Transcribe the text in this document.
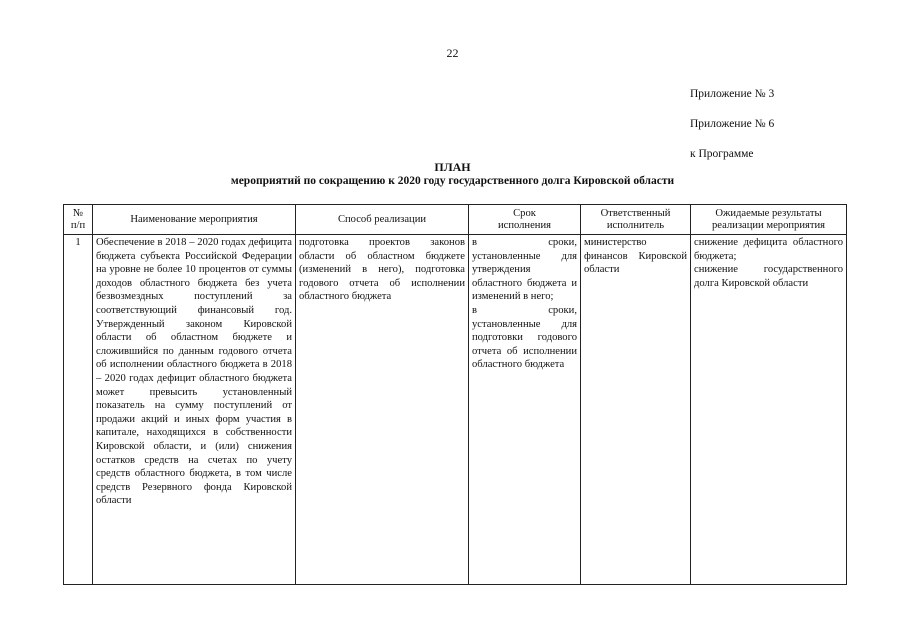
22
Приложение № 3
Приложение № 6
к Программе
ПЛАН
мероприятий по сокращению к 2020 году государственного долга Кировской области
№
п/п	Наименование мероприятия	Способ реализации	Срок
исполнения	Ответственный
исполнитель	Ожидаемые результаты
реализации мероприятия
1	Обеспечение в 2018 – 2020 годах дефицита бюджета субъекта Российской Федерации на уровне не более 10 процентов от суммы доходов областного бюджета без учета безвозмездных поступлений за соответствующий финансовый год. Утвержденный законом Кировской области об областном бюджете и сложившийся по данным годового отчета об исполнении областного бюджета в 2018 – 2020 годах дефицит областного бюджета может превысить установленный показатель на сумму поступлений от продажи акций и иных форм участия в капитале, находящихся в собственности Кировской области, и (или) снижения остатков средств на счетах по учету средств областного бюджета, в том числе средств Резервного фонда Кировской области	подготовка проектов законов области об областном бюджете (изменений в него), подготовка годового отчета об исполнении областного бюджета	в сроки, установленные для утверждения областного бюджета и изменений в него;
в сроки, установленные для подготовки годового отчета об исполнении областного бюджета	министерство финансов Кировской области	снижение дефицита областного бюджета;
снижение государственного долга Кировской области
